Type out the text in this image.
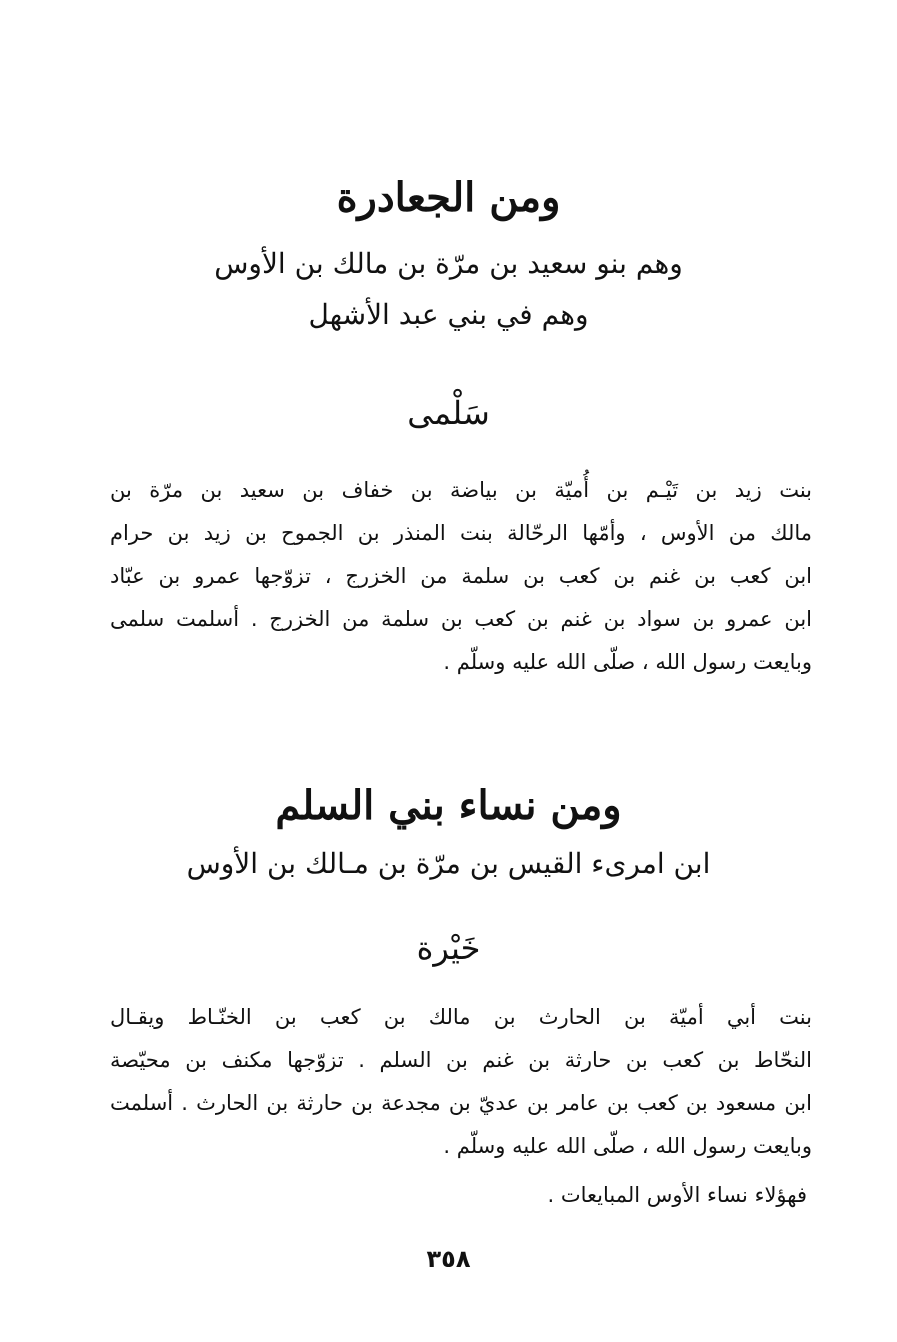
ومن الجعادرة
وهم بنو سعيد بن مرّة بن مالك بن الأوس
وهم في بني عبد الأشهل
سَلْمى
بنت زيد بن تَيْـم بن أُميّة بن بياضة بن خفاف بن سعيد بن مرّة بن
مالك من الأوس ، وأمّها الرحّالة بنت المنذر بن الجموح بن زيد بن حرام
ابن كعب بن غنم بن كعب بن سلمة من الخزرج ، تزوّجها عمرو بن عبّاد
ابن عمرو بن سواد بن غنم بن كعب بن سلمة من الخزرج . أسلمت سلمى
وبايعت رسول الله ، صلّى الله عليه وسلّم .
ومن نساء بني السلم
ابن امرىء القيس بن مرّة بن مـالك بن الأوس
خَيْرة
بنت أبي أميّة بن الحارث بن مالك بن كعب بن الخنّـاط ويقـال
النحّاط بن كعب بن حارثة بن غنم بن السلم . تزوّجها مكنف بن محيّصة
ابن مسعود بن كعب بن عامر بن عديّ بن مجدعة بن حارثة بن الحارث . أسلمت
وبايعت رسول الله ، صلّى الله عليه وسلّم .
فهؤلاء نساء الأوس المبايعات .
٣٥٨
